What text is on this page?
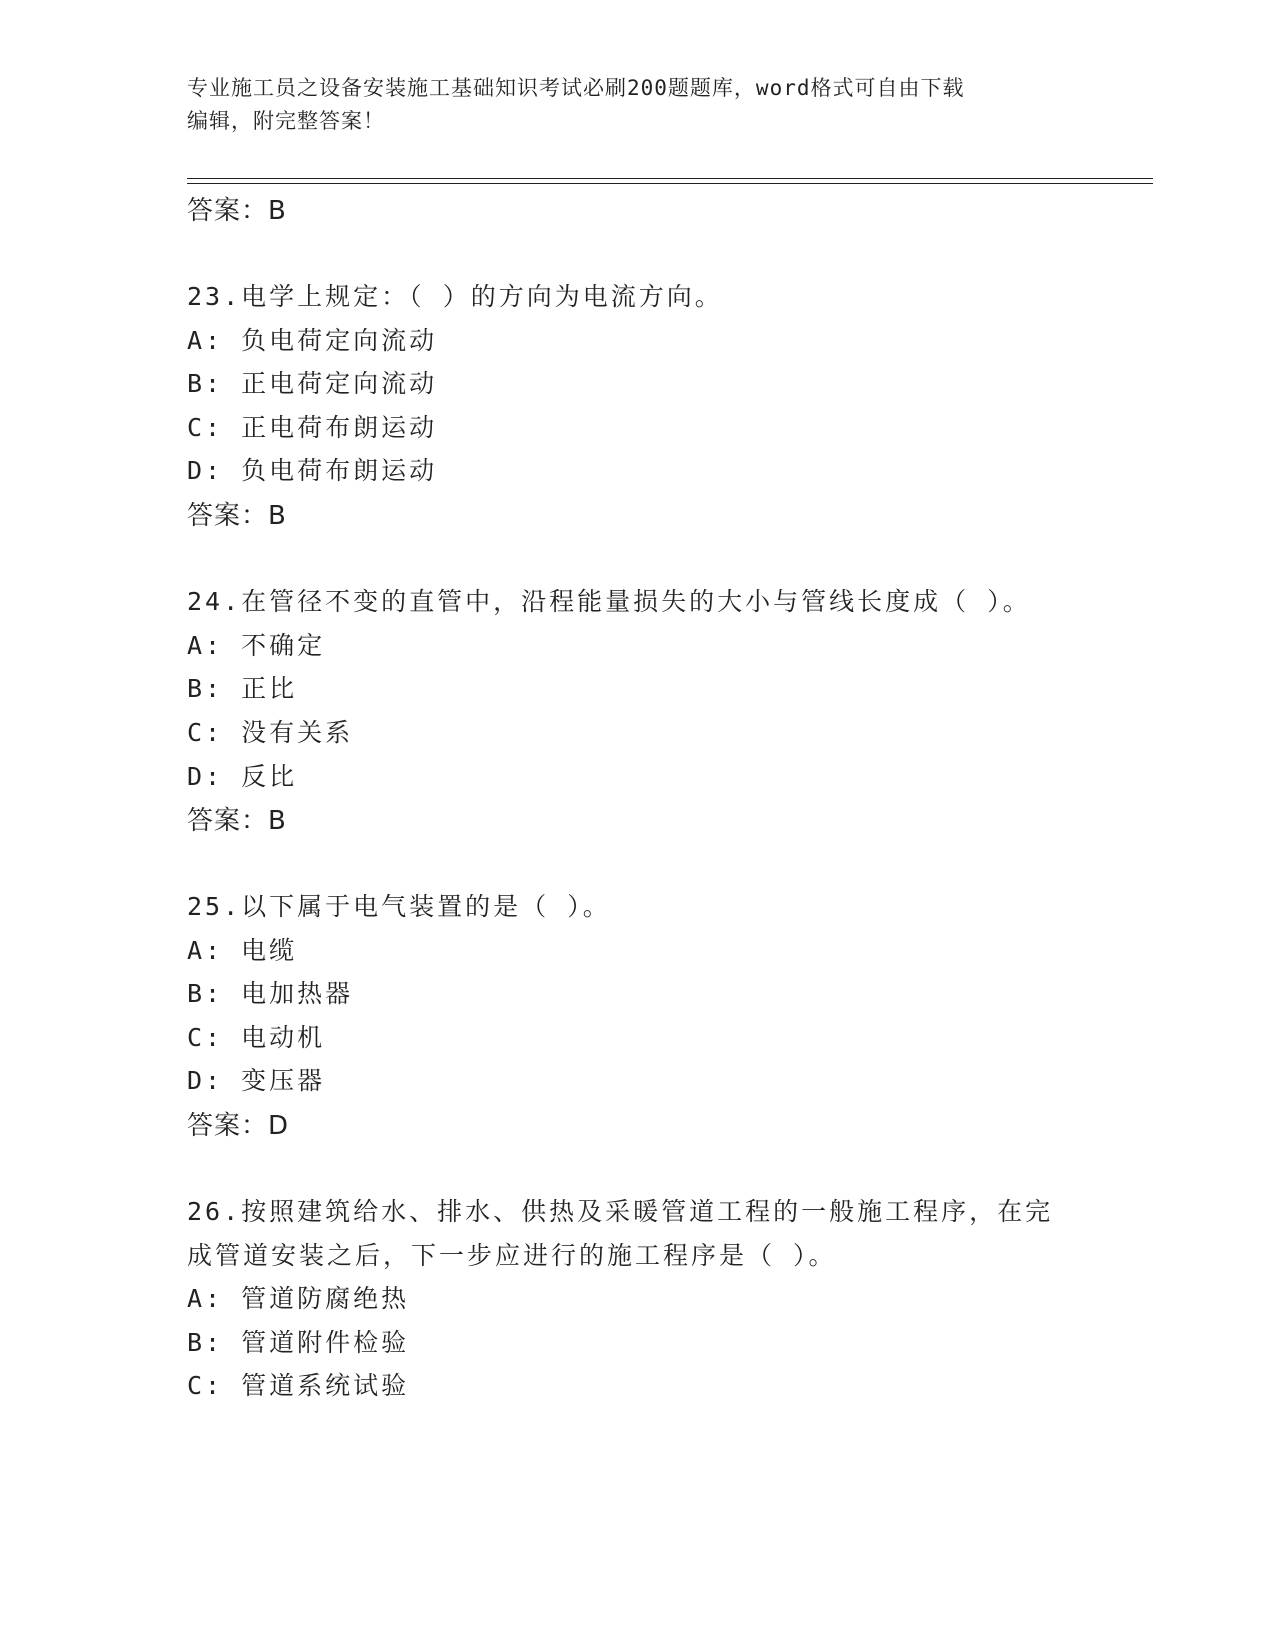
专业施工员之设备安装施工基础知识考试必刷200题题库，word格式可自由下载
编辑，附完整答案！
答案：B
23.电学上规定：（ ）的方向为电流方向。
A: 负电荷定向流动
B: 正电荷定向流动
C: 正电荷布朗运动
D: 负电荷布朗运动
答案：B
24.在管径不变的直管中，沿程能量损失的大小与管线长度成（ ）。
A: 不确定
B: 正比
C: 没有关系
D: 反比
答案：B
25.以下属于电气装置的是（ ）。
A: 电缆
B: 电加热器
C: 电动机
D: 变压器
答案：D
26.按照建筑给水、排水、供热及采暖管道工程的一般施工程序，在完
成管道安装之后，下一步应进行的施工程序是（ ）。
A: 管道防腐绝热
B: 管道附件检验
C: 管道系统试验
